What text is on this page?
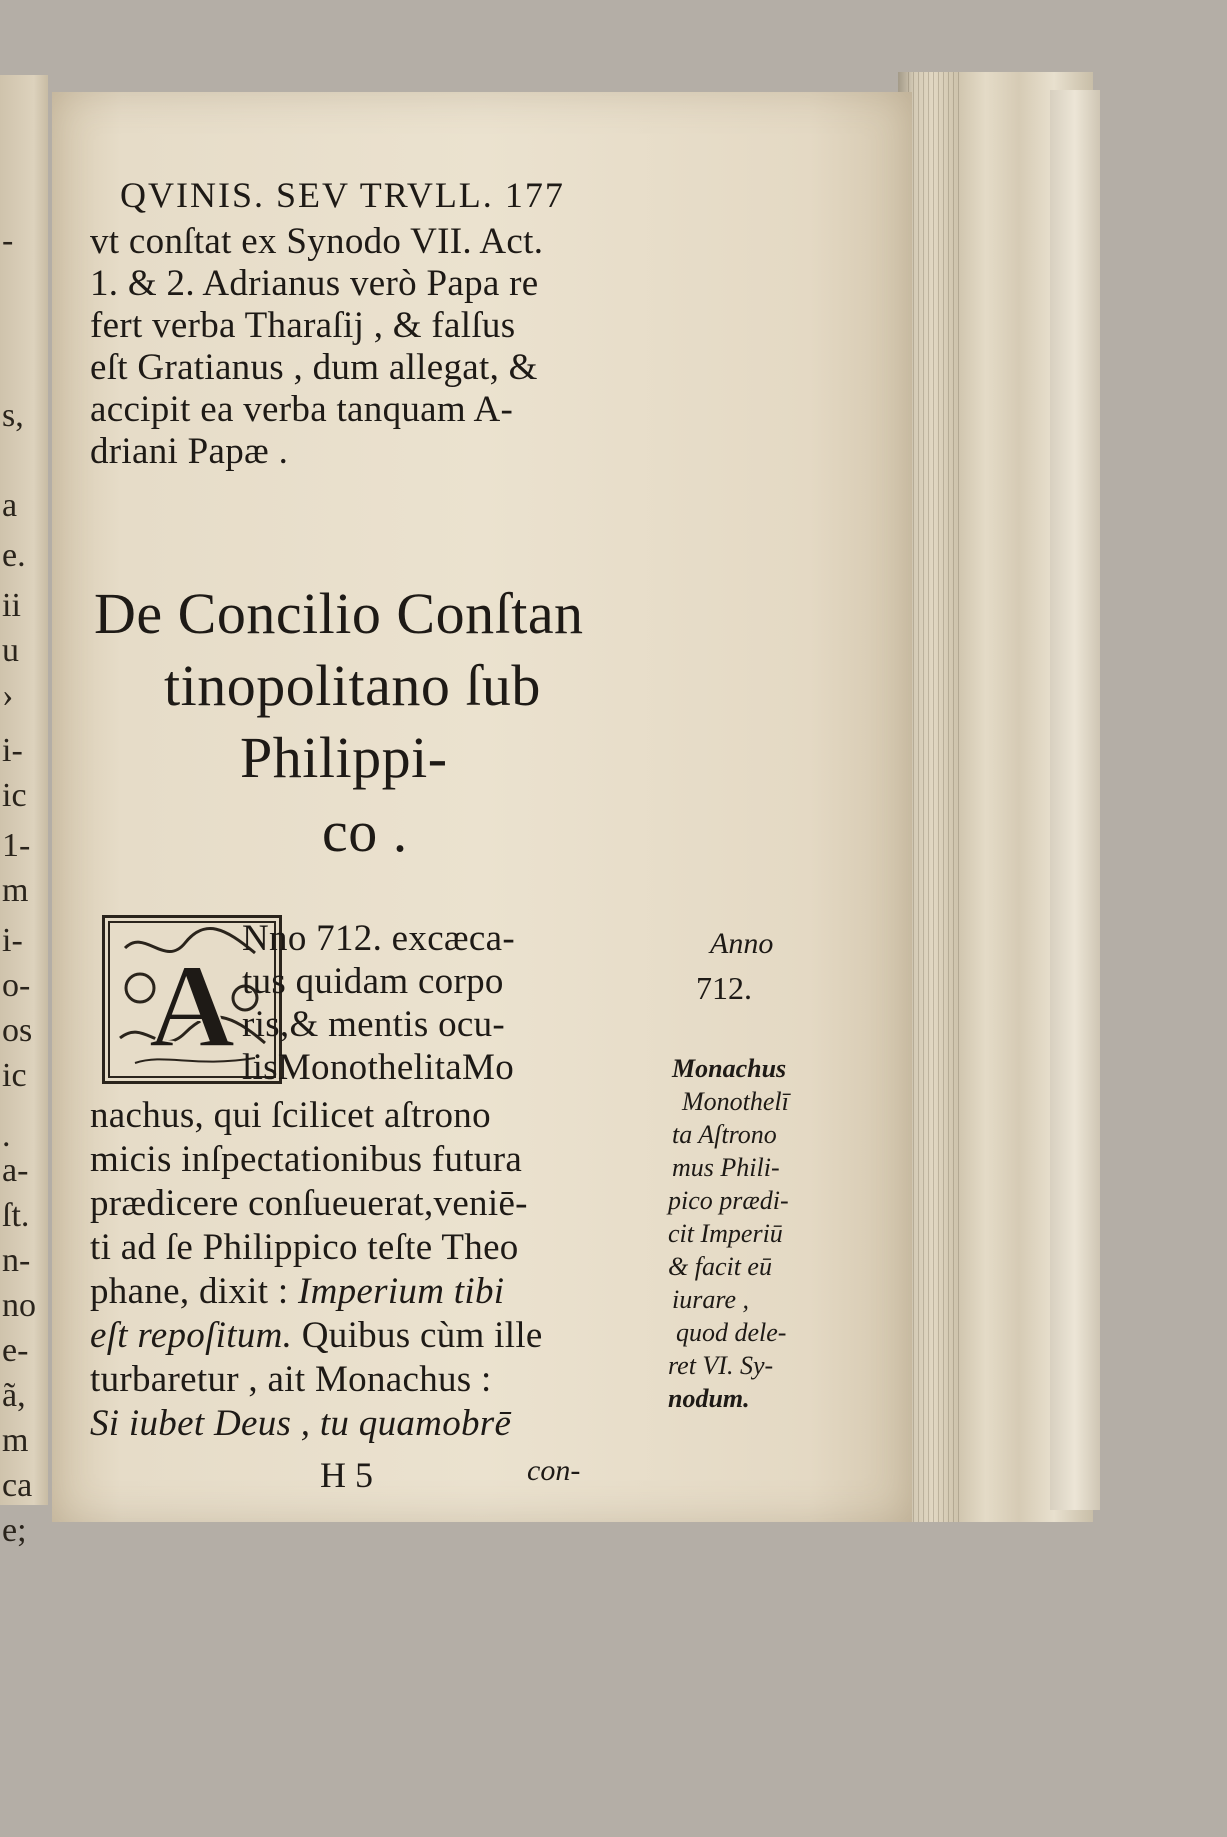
-
s,
a
e.
ii
u
›
i-
ic
1-
m
i-
o-
os
ic
.
a-
ſt.
n-
no
e-
ã,
m
ca
e;
QVINIS. SEV TRVLL. 177
vt conſtat ex Synodo VII. Act.
1. & 2. Adrianus verò Papa re
fert verba Tharaſij , & falſus
eſt Gratianus , dum allegat, &
accipit ea verba tanquam A-
driani Papæ .
De Concilio Conſtan
tinopolitano ſub
Philippi-
co .
A
Nno 712. excæca-
tus quidam corpo
ris,& mentis ocu-
lisMonothelitaMo
nachus, qui ſcilicet aſtrono
micis inſpectationibus futura
prædicere conſueuerat,veniē-
ti ad ſe Philippico teſte Theo
phane, dixit : Imperium tibi
eſt repoſitum. Quibus cùm ille
turbaretur , ait Monachus :
Si iubet Deus , tu quamobrē
H 5	con-
Anno
712.
Monachus
Monothelī
ta Aſtrono
mus Phili-
pico prædi-
cit Imperiū
& facit eū
iurare ,
quod dele-
ret VI. Sy-
nodum.
